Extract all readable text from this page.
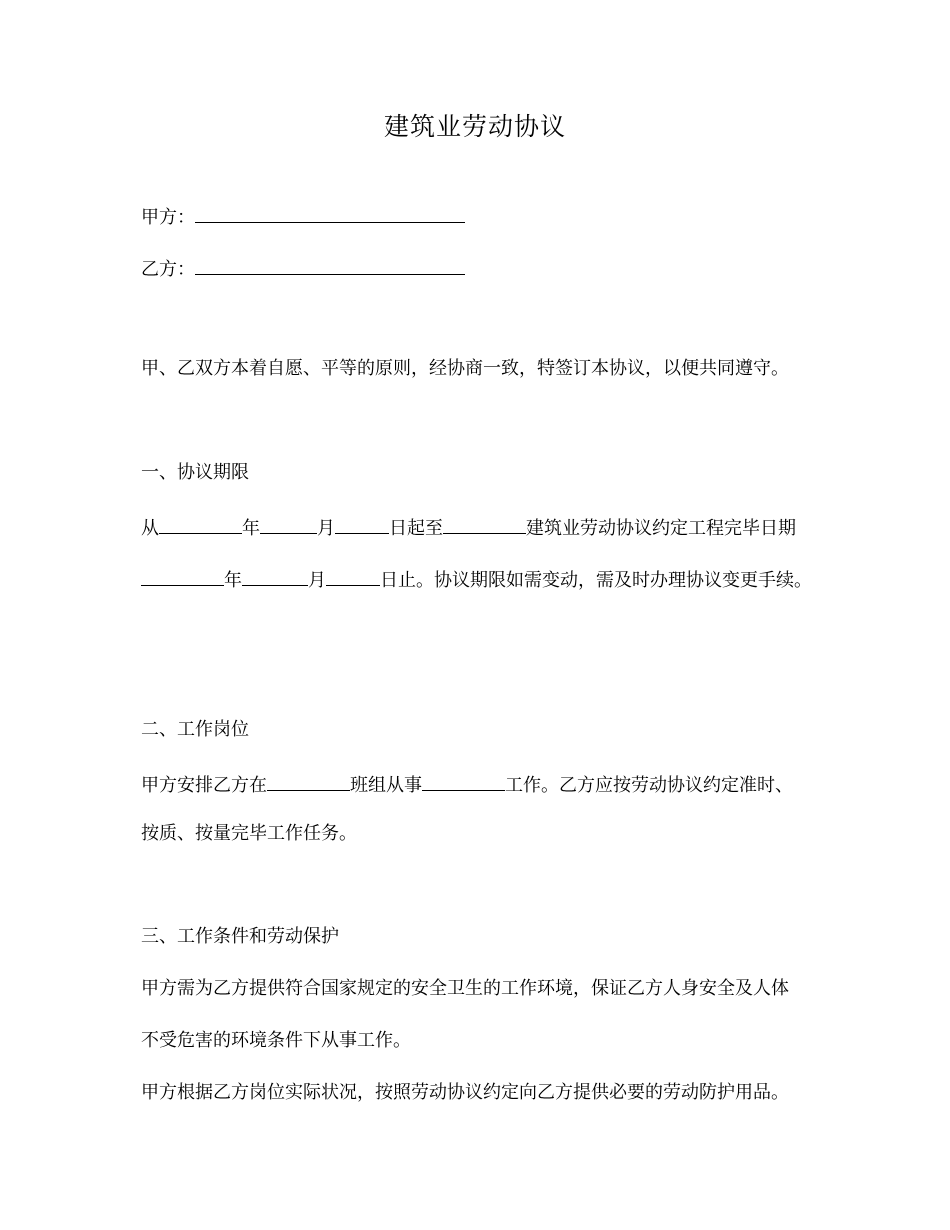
建筑业劳动协议
甲方：
乙方：
甲、乙双方本着自愿、平等的原则，经协商一致，特签订本协议，以便共同遵守。
一、协议期限
从	年	月	日起至	建筑业劳动协议约定工程完毕日期
年	月	日止。协议期限如需变动，需及时办理协议变更手续。
二、工作岗位
甲方安排乙方在	班组从事	工作。乙方应按劳动协议约定准时、
按质、按量完毕工作任务。
三、工作条件和劳动保护
甲方需为乙方提供符合国家规定的安全卫生的工作环境，保证乙方人身安全及人体
不受危害的环境条件下从事工作。
甲方根据乙方岗位实际状况，按照劳动协议约定向乙方提供必要的劳动防护用品。
